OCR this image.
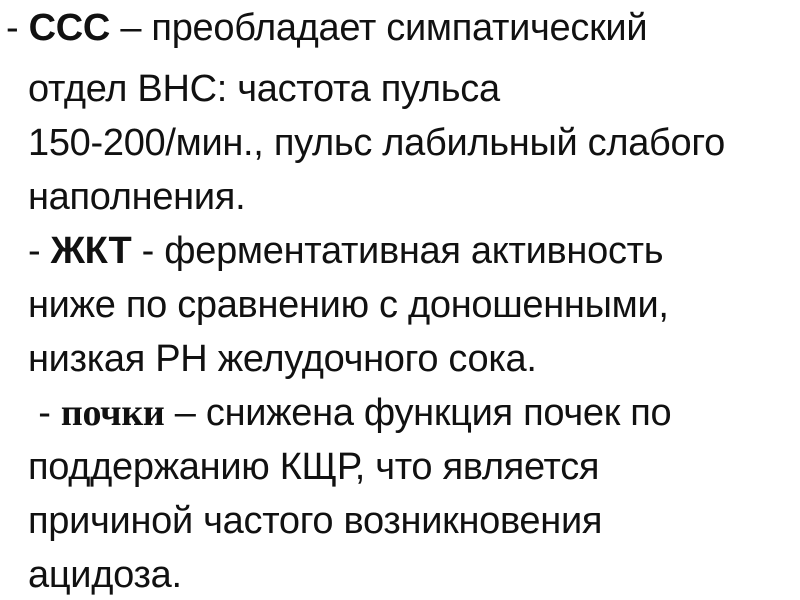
- ССС – преобладает симпатический
отдел ВНС: частота пульса
150-200/мин., пульс лабильный слабого
наполнения.
- ЖКТ - ферментативная активность
ниже по сравнению с доношенными,
низкая РН желудочного сока.
- почки – снижена функция почек по
поддержанию КЩР, что является
причиной частого возникновения
ацидоза.
